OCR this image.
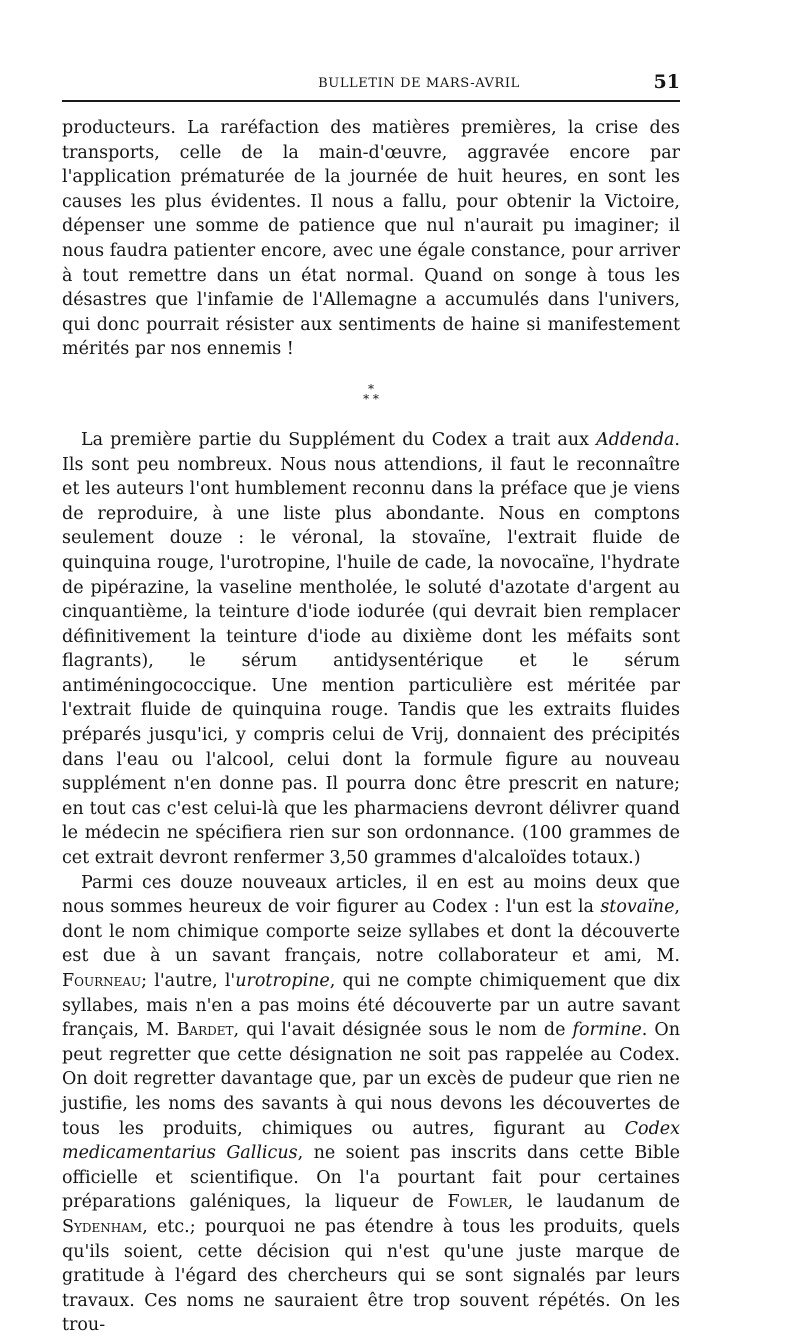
BULLETIN DE MARS-AVRIL	51

producteurs. La raréfaction des matières premières, la crise des transports, celle de la main-d'œuvre, aggravée encore par l'application prématurée de la journée de huit heures, en sont les causes les plus évidentes. Il nous a fallu, pour obtenir la Victoire, dépenser une somme de patience que nul n'aurait pu imaginer; il nous faudra patienter encore, avec une égale constance, pour arriver à tout remettre dans un état normal. Quand on songe à tous les désastres que l'infamie de l'Allemagne a accumulés dans l'univers, qui donc pourrait résister aux sentiments de haine si manifestement mérités par nos ennemis !

*
* *

La première partie du Supplément du Codex a trait aux Addenda. Ils sont peu nombreux. Nous nous attendions, il faut le reconnaître et les auteurs l'ont humblement reconnu dans la préface que je viens de reproduire, à une liste plus abondante. Nous en comptons seulement douze : le véronal, la stovaïne, l'extrait fluide de quinquina rouge, l'urotropine, l'huile de cade, la novocaïne, l'hydrate de pipérazine, la vaseline mentholée, le soluté d'azotate d'argent au cinquantième, la teinture d'iode iodurée (qui devrait bien remplacer définitivement la teinture d'iode au dixième dont les méfaits sont flagrants), le sérum antidysentérique et le sérum antiméningococcique. Une mention particulière est méritée par l'extrait fluide de quinquina rouge. Tandis que les extraits fluides préparés jusqu'ici, y compris celui de Vrij, donnaient des précipités dans l'eau ou l'alcool, celui dont la formule figure au nouveau supplément n'en donne pas. Il pourra donc être prescrit en nature; en tout cas c'est celui-là que les pharmaciens devront délivrer quand le médecin ne spécifiera rien sur son ordonnance. (100 grammes de cet extrait devront renfermer 3,50 grammes d'alcaloïdes totaux.)

Parmi ces douze nouveaux articles, il en est au moins deux que nous sommes heureux de voir figurer au Codex : l'un est la stovaïne, dont le nom chimique comporte seize syllabes et dont la découverte est due à un savant français, notre collaborateur et ami, M. Fourneau; l'autre, l'urotropine, qui ne compte chimiquement que dix syllabes, mais n'en a pas moins été découverte par un autre savant français, M. Bardet, qui l'avait désignée sous le nom de formine. On peut regretter que cette désignation ne soit pas rappelée au Codex. On doit regretter davantage que, par un excès de pudeur que rien ne justifie, les noms des savants à qui nous devons les découvertes de tous les produits, chimiques ou autres, figurant au Codex medicamentarius Gallicus, ne soient pas inscrits dans cette Bible officielle et scientifique. On l'a pourtant fait pour certaines préparations galéniques, la liqueur de Fowler, le laudanum de Sydenham, etc.; pourquoi ne pas étendre à tous les produits, quels qu'ils soient, cette décision qui n'est qu'une juste marque de gratitude à l'égard des chercheurs qui se sont signalés par leurs travaux. Ces noms ne sauraient être trop souvent répétés. On les trou-
